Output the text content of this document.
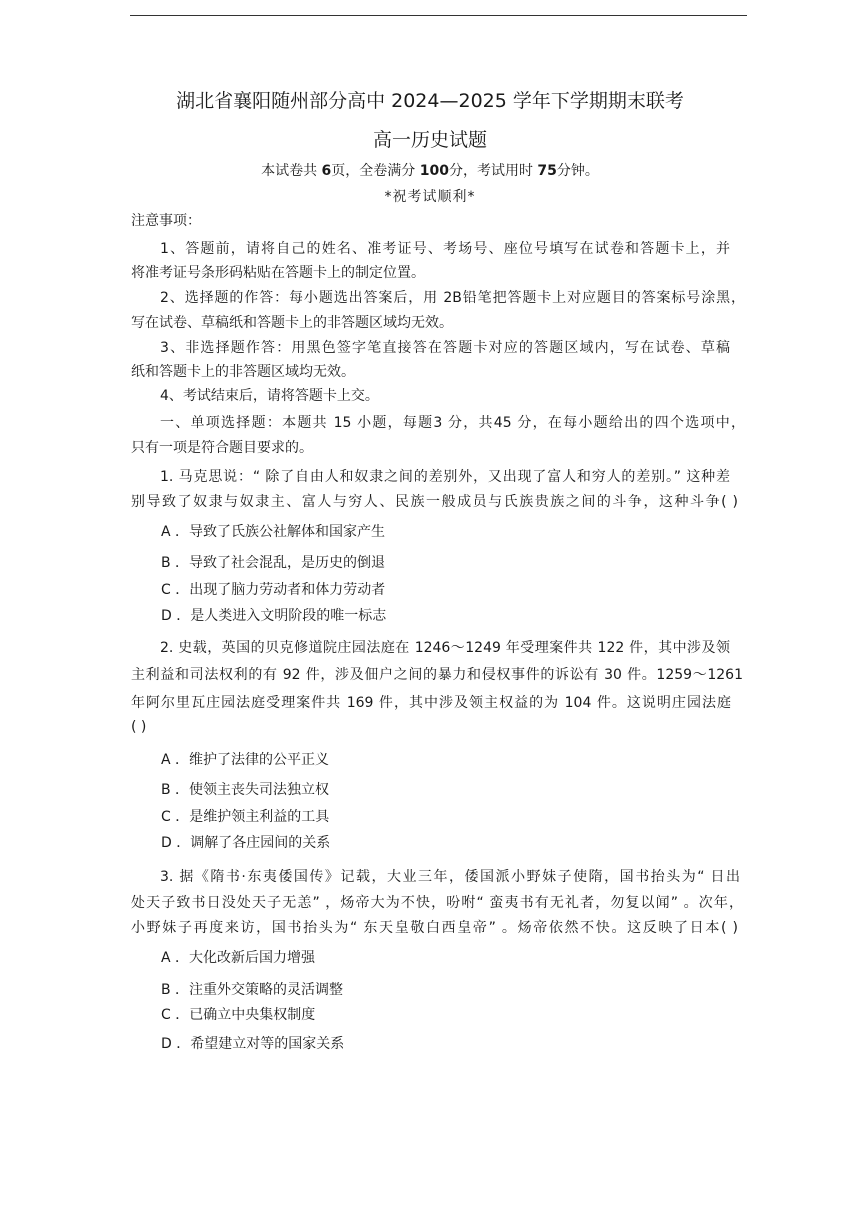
湖北省襄阳随州部分高中 2024—2025 学年下学期期末联考
高一历史试题
本试卷共 6页，全卷满分 100分，考试用时 75分钟。
*祝考试顺利*
注意事项：
1、答题前，请将自己的姓名、准考证号、考场号、座位号填写在试卷和答题卡上，并
将准考证号条形码粘贴在答题卡上的制定位置。
2、选择题的作答：每小题选出答案后，用 2B铅笔把答题卡上对应题目的答案标号涂黑，
写在试卷、草稿纸和答题卡上的非答题区域均无效。
3、非选择题作答：用黑色签字笔直接答在答题卡对应的答题区域内，写在试卷、草稿
纸和答题卡上的非答题区域均无效。
4、考试结束后，请将答题卡上交。
一、单项选择题：本题共 15 小题，每题3 分，共45 分，在每小题给出的四个选项中，
只有一项是符合题目要求的。
1. 马克思说：“ 除了自由人和奴隶之间的差别外，又出现了富人和穷人的差别。” 这种差
别导致了奴隶与奴隶主、富人与穷人、民族一般成员与氏族贵族之间的斗争，这种斗争( )
A ．导致了氏族公社解体和国家产生
B ．导致了社会混乱，是历史的倒退
C ．出现了脑力劳动者和体力劳动者
D ．是人类进入文明阶段的唯一标志
2. 史载，英国的贝克修道院庄园法庭在 1246～1249 年受理案件共 122 件，其中涉及领
主利益和司法权利的有 92 件，涉及佃户之间的暴力和侵权事件的诉讼有 30 件。1259～1261
年阿尔里瓦庄园法庭受理案件共 169 件，其中涉及领主权益的为 104 件。这说明庄园法庭
( )
A ．维护了法律的公平正义
B ．使领主丧失司法独立权
C ．是维护领主利益的工具
D ．调解了各庄园间的关系
3. 据《隋书·东夷倭国传》记载，大业三年，倭国派小野妹子使隋，国书抬头为“ 日出
处天子致书日没处天子无恙” ，炀帝大为不快，吩咐“ 蛮夷书有无礼者，勿复以闻” 。次年，
小野妹子再度来访，国书抬头为“ 东天皇敬白西皇帝” 。炀帝依然不快。这反映了日本( )
A ．大化改新后国力增强
B ．注重外交策略的灵活调整
C ．已确立中央集权制度
D ．希望建立对等的国家关系
